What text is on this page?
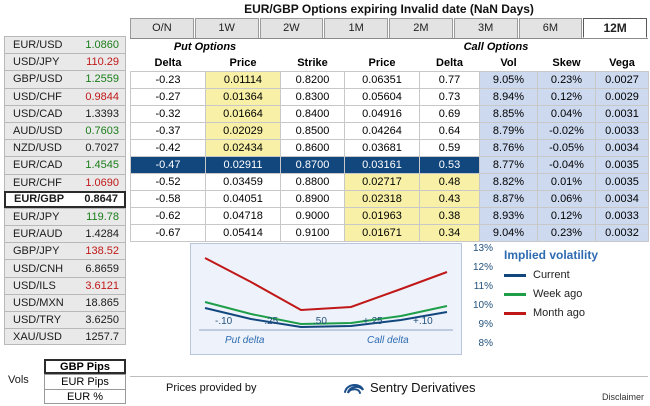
EUR/GBP Options expiring Invalid date (NaN Days)
O/N	1W	2W	1M	2M	3M	6M	12M
EUR/USD 1.0860
USD/JPY 110.29
GBP/USD 1.2559
USD/CHF 0.9844
USD/CAD 1.3393
AUD/USD 0.7603
NZD/USD 0.7027
EUR/CAD 1.4545
EUR/CHF 1.0690
EUR/GBP 0.8647
EUR/JPY 119.78
EUR/AUD 1.4284
GBP/JPY 138.52
USD/CNH 6.8659
USD/ILS	3.6121
USD/MXN 18.865
USD/TRY 3.6250
XAU/USD 1257.7
Vols
GBP Pips
EUR Pips
EUR %
Put Options	Call Options
Delta	Price	Strike	Price	Delta	Vol	Skew	Vega
-0.23	0.01114	0.8200	0.06351	0.77	9.05%	0.23%	0.0027
-0.27	0.01364	0.8300	0.05604	0.73	8.94%	0.12%	0.0029
-0.32	0.01664	0.8400	0.04916	0.69	8.85%	0.04%	0.0031
-0.37	0.02029	0.8500	0.04264	0.64	8.79%	-0.02%	0.0033
-0.42	0.02434	0.8600	0.03681	0.59	8.76%	-0.05%	0.0034
-0.47	0.02911	0.8700	0.03161	0.53	8.77%	-0.04%	0.0035
-0.52	0.03459	0.8800	0.02717	0.48	8.82%	0.01%	0.0035
-0.58	0.04051	0.8900	0.02318	0.43	8.87%	0.06%	0.0034
-0.62	0.04718	0.9000	0.01963	0.38	8.93%	0.12%	0.0033
-0.67	0.05414	0.9100	0.01671	0.34	9.04%	0.23%	0.0032
-.10	-.25	.50	+.25	+.10
Put delta	Call delta
13%
12%
11%
10%
9%
8%
Implied volatility
Current
Week ago
Month ago
Prices provided by	Sentry Derivatives
Disclaimer
